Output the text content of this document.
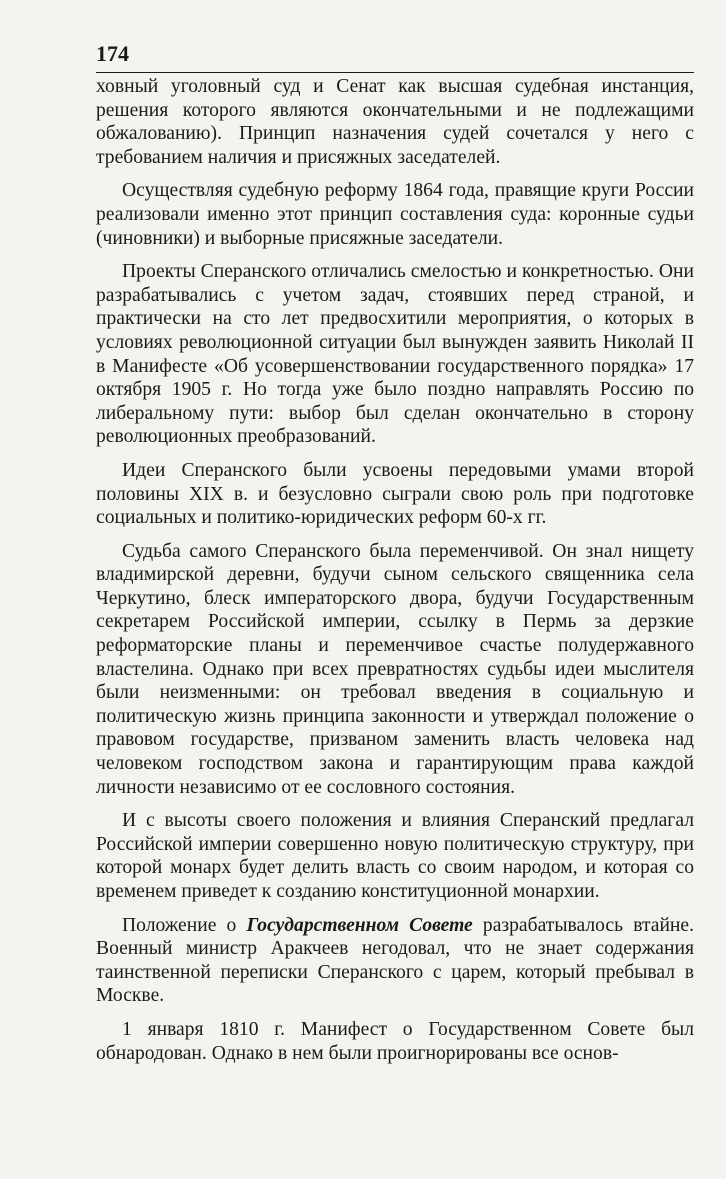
174

ховный уголовный суд и Сенат как высшая судебная инстанция, решения которого являются окончательными и не подлежащими обжалованию). Принцип назначения судей сочетался у него с требованием наличия и присяжных заседателей.

Осуществляя судебную реформу 1864 года, правящие круги России реализовали именно этот принцип составления суда: коронные судьи (чиновники) и выборные присяжные заседатели.

Проекты Сперанского отличались смелостью и конкретностью. Они разрабатывались с учетом задач, стоявших перед страной, и практически на сто лет предвосхитили мероприятия, о которых в условиях революционной ситуации был вынужден заявить Николай II в Манифесте «Об усовершенствовании государственного порядка» 17 октября 1905 г. Но тогда уже было поздно направлять Россию по либеральному пути: выбор был сделан окончательно в сторону революционных преобразований.

Идеи Сперанского были усвоены передовыми умами второй половины XIX в. и безусловно сыграли свою роль при подготовке социальных и политико-юридических реформ 60-х гг.

Судьба самого Сперанского была переменчивой. Он знал нищету владимирской деревни, будучи сыном сельского священника села Черкутино, блеск императорского двора, будучи Государственным секретарем Российской империи, ссылку в Пермь за дерзкие реформаторские планы и переменчивое счастье полудержавного властелина. Однако при всех превратностях судьбы идеи мыслителя были неизменными: он требовал введения в социальную и политическую жизнь принципа законности и утверждал положение о правовом государстве, призваном заменить власть человека над человеком господством закона и гарантирующим права каждой личности независимо от ее сословного состояния.

И с высоты своего положения и влияния Сперанский предлагал Российской империи совершенно новую политическую структуру, при которой монарх будет делить власть со своим народом, и которая со временем приведет к созданию конституционной монархии.

Положение о Государственном Совете разрабатывалось втайне. Военный министр Аракчеев негодовал, что не знает содержания таинственной переписки Сперанского с царем, который пребывал в Москве.

1 января 1810 г. Манифест о Государственном Совете был обнародован. Однако в нем были проигнорированы все основ-
